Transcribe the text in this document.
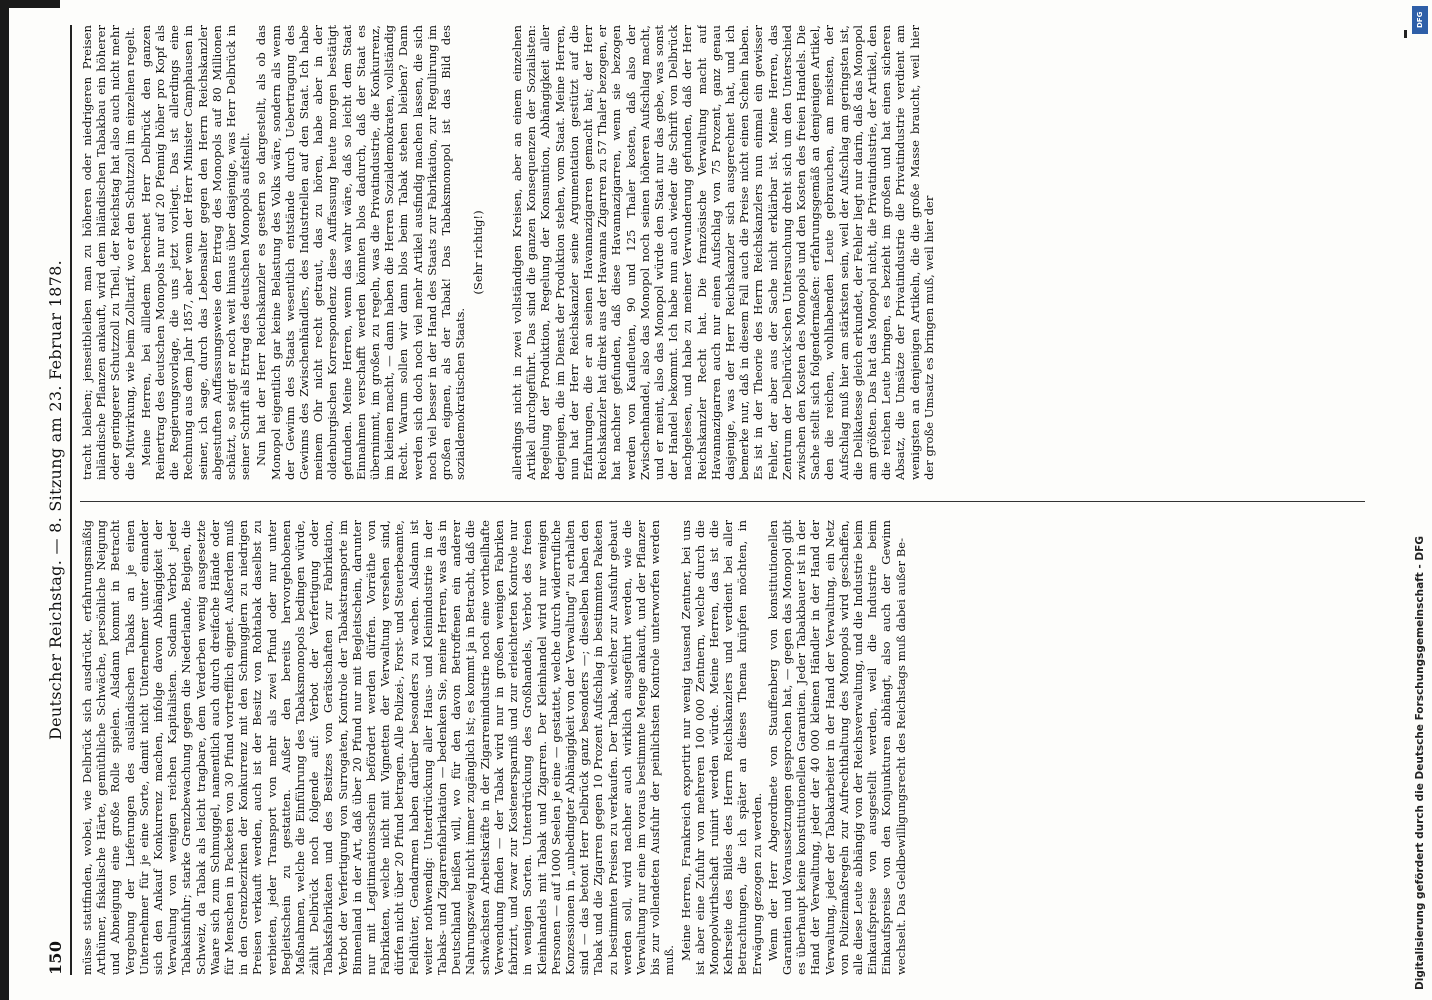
150
Deutscher Reichstag. — 8. Sitzung am 23. Februar 1878.

müsse stattfinden, wobei, wie Delbrück sich ausdrückt, erfahrungsmäßig Arthümer, fiskalische Härte, gemüthliche Schwäche, persönliche Neigung und Abneigung eine große Rolle spielen. Alsdann kommt in Betracht Vergebung der Lieferungen des ausländischen Tabaks an je einen Unternehmer für je eine Sorte, damit nicht Unternehmer unter einander sich den Ankauf Konkurrenz machen, infolge davon Abhängigkeit der Verwaltung von wenigen reichen Kapitalisten. Sodann Verbot jeder Tabaksinfuhr; starke Grenzbewachung gegen die Niederlande, Belgien, die Schweiz, da Tabak als leicht tragbare, dem Verderben wenig ausgesetzte Waare sich zum Schmuggel, namentlich auch durch dreifache Hände oder für Menschen in Packeten von 30 Pfund vortrefflich eignet. Außerdem muß in den Grenzbezirken der Konkurrenz mit den Schmugglern zu niedrigen Preisen verkauft werden, auch ist der Besitz von Rohtabak daselbst zu verbieten, jeder Transport von mehr als zwei Pfund oder nur unter Begleitschein zu gestatten. Außer den bereits hervorgehobenen Maßnahmen, welche die Einführung des Tabaksmonopols bedingen würde, zählt Delbrück noch folgende auf: Verbot der Verfertigung oder Tabaksfabrikaten und des Besitzes von Gerätschaften zur Fabrikation, Verbot der Verfertigung von Surrogaten, Kontrole der Tabakstransporte im Binnenland in der Art, daß über 20 Pfund nur mit Begleitschein, darunter nur mit Legitimationsschein befördert werden dürfen. Vorräthe von Fabrikaten, welche nicht mit Vignetten der Verwaltung versehen sind, dürfen nicht über 20 Pfund betragen. Alle Polizei-, Forst- und Steuerbeamte, Feldhüter, Gendarmen haben darüber besonders zu wachen. Alsdann ist weiter nothwendig: Unterdrückung aller Haus- und Kleinindustrie in der Tabaks- und Zigarrenfabrikation — bedenken Sie, meine Herren, was das in Deutschland heißen will, wo für den davon Betroffenen ein anderer Nahrungszweig nicht immer zugänglich ist; es kommt ja in Betracht, daß die schwächsten Arbeitskräfte in der Zigarrenindustrie noch eine vortheilhafte Verwendung finden — der Tabak wird nur in großen wenigen Fabriken fabrizirt, und zwar zur Kostenersparniß und zur erleichterten Kontrole nur in wenigen Sorten. Unterdrückung des Großhandels, Verbot des freien Kleinhandels mit Tabak und Zigarren. Der Kleinhandel wird nur wenigen Personen — auf 1000 Seelen je eine — gestattet, welche durch widerrufliche Konzessionen in „unbedingter Abhängigkeit von der Verwaltung" zu erhalten sind — das betont Herr Delbrück ganz besonders —; dieselben haben den Tabak und die Zigarren gegen 10 Prozent Aufschlag in bestimmten Paketen zu bestimmten Preisen zu verkaufen. Der Tabak, welcher zur Ausfuhr gebaut werden soll, wird nachher auch wirklich ausgeführt werden, wie die Verwaltung nur eine im voraus bestimmte Menge ankauft, und der Pflanzer bis zur vollendeten Ausfuhr der peinlichsten Kontrole unterworfen werden muß. Meine Herren, Frankreich exportirt nur wenig tausend Zentner, bei uns ist aber eine Zufuhr von mehreren 100 000 Zentnern, welche durch die Monopolwirthschaft ruinirt werden würde. Meine Herren, das ist die Kehrseite des Bildes des Herrn Reichskanzlers und verdient bei aller Betrachtungen, die ich später an dieses Thema knüpfen möchten, in Erwägung gezogen zu werden. Wenn der Herr Abgeordnete von Stauffenberg von konstitutionellen Garantien und Voraussetzungen gesprochen hat, — gegen das Monopol gibt es überhaupt keine konstitutionellen Garantien. Jeder Tabakbauer ist in der Hand der Verwaltung, jeder der 40 000 kleinen Händler in der Hand der Verwaltung, jeder der Tabakarbeiter in der Hand der Verwaltung, ein Netz von Polizeimaßregeln zur Aufrechthaltung des Monopols wird geschaffen, alle diese Leute abhängig von der Reichsverwaltung, und die Industrie beim Einkaufspreise von ausgestellt werden, weil die Industrie beim Einkaufspreise von den Konjunkturen abhängt, also auch der Gewinn wechselt. Das Geldbewilligungsrecht des Reichstags muß dabei außer Be-

tracht bleiben; jenseitbleiben man zu höheren oder niedrigeren Preisen inländische Pflanzen ankauft, wird dem inländischen Tabakbau ein höherer oder geringerer Schutzzoll zu Theil, der Reichstag hat also auch nicht mehr die Mitwirkung, wie beim Zolltarif, wo er den Schutzzoll im einzelnen regelt. Meine Herren, bei allledem berechnet Herr Delbrück den ganzen Reinertrag des deutschen Monopols nur auf 20 Pfennig höher pro Kopf als die Regierungsvorlage, die uns jetzt vorliegt. Das ist allerdings eine Rechnung aus dem Jahr 1857, aber wenn der Herr Minister Camphausen in seiner, ich sage, durch das Lebensalter gegen den Herrn Reichskanzler abgestuften Auffassungsweise den Ertrag des Monopols auf 80 Millionen schätzt, so steigt er noch weit hinaus über dasjenige, was Herr Delbrück in seiner Schrift als Ertrag des deutschen Monopols aufstellt. Nun hat der Herr Reichskanzler es gestern so dargestellt, als ob das Monopol eigentlich gar keine Belastung des Volks wäre, sondern als wenn der Gewinn des Staats wesentlich entstände durch Uebertragung des Gewinns des Zwischenhändlers, des Industriellen auf den Staat. Ich habe meinem Ohr nicht recht getraut, das zu hören, habe aber in der oldenburgischen Korrespondenz diese Auffassung heute morgen bestätigt gefunden. Meine Herren, wenn das wahr wäre, daß so leicht dem Staat Einnahmen verschafft werden könnten blos dadurch, daß der Staat es übernimmt, im großen zu regeln, was die Privatindustrie, die Konkurrenz, im kleinen macht, — dann haben die Herren Sozialdemokraten, vollständig Recht. Warum sollen wir dann blos beim Tabak stehen bleiben? Dann werden sich doch noch viel mehr Artikel ausfindig machen lassen, die sich noch viel besser in der Hand des Staats zur Fabrikation, zur Regulirung im großen eignen, als der Tabak! Das Tabaksmonopol ist das Bild des sozialdemokratischen Staats.

(Sehr richtig!) allerdings nicht in zwei vollständigen Kreisen, aber an einem einzelnen Artikel durchgeführt. Das sind die ganzen Konsequenzen der Sozialisten: Regelung der Produktion, Regelung der Konsumtion, Abhängigkeit aller derjenigen, die im Dienst der Produktion stehen, vom Staat. Meine Herren, nun hat der Herr Reichskanzler seine Argumentation gestützt auf die Erfahrungen, die er an seinen Havannazigarren gemacht hat; der Herr Reichskanzler hat direkt aus der Havanna Zigarren zu 57 Thaler bezogen, er hat nachher gefunden, daß diese Havannazigarren, wenn sie bezogen werden von Kaufleuten, 90 und 125 Thaler kosten, daß also der Zwischenhandel, also das Monopol noch seinen höheren Aufschlag macht, und er meint, also das Monopol würde den Staat nur das gebe, was sonst der Handel bekommt. Ich habe nun auch wieder die Schrift von Delbrück nachgelesen, und habe zu meiner Verwunderung gefunden, daß der Herr Reichskanzler Recht hat. Die französische Verwaltung macht auf Havannazigarren auch nur einen Aufschlag von 75 Prozent, ganz genau dasjenige, was der Herr Reichskanzler sich ausgerechnet hat, und ich bemerke nur, daß in diesem Fall auch die Preise nicht einen Schein haben. Es ist in der Theorie des Herrn Reichskanzlers nun einmal ein gewisser Fehler, der aber aus der Sache nicht erklärbar ist. Meine Herren, das Zentrum der Delbrück'schen Untersuchung dreht sich um den Unterschied zwischen den Kosten des Monopols und den Kosten des freien Handels. Die Sache stellt sich folgendermaßen: erfahrungsgemäß an demjenigen Artikel, den die reichen, wohlhabenden Leute gebrauchen, am meisten, der Aufschlag muß hier am stärksten sein, weil der Aufschlag am geringsten ist, die Delikatesse gleich erkundet, der Fehler liegt nur darin, daß das Monopol am größten. Das hat das Monopol nicht, die Privatindustrie, der Artikel, den die reichen Leute bringen, es bezieht im großen und hat einen sicheren Absatz, die Umsätze der Privatindustrie die Privatindustrie verdient am wenigsten an denjenigen Artikeln, die die große Masse braucht, weil hier der große Umsatz es bringen muß, weil hier der

DFG
Digitalisierung gefördert durch die Deutsche Forschungsgemeinschaft - DFG
